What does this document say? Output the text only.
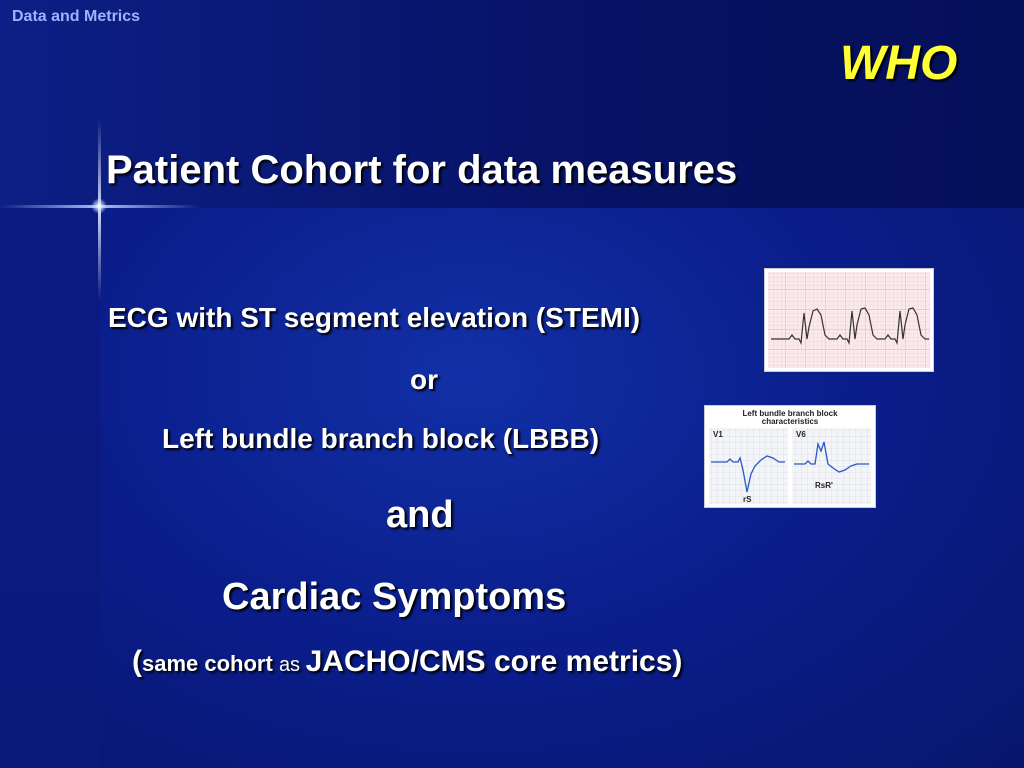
Data and Metrics
WHO
Patient Cohort for data measures
ECG with ST segment elevation (STEMI)
or
Left bundle branch block (LBBB)
and
Cardiac Symptoms
(same cohort as JACHO/CMS core metrics)
Left bundle branch block
characteristics
V1	V6
rS
RsR'
